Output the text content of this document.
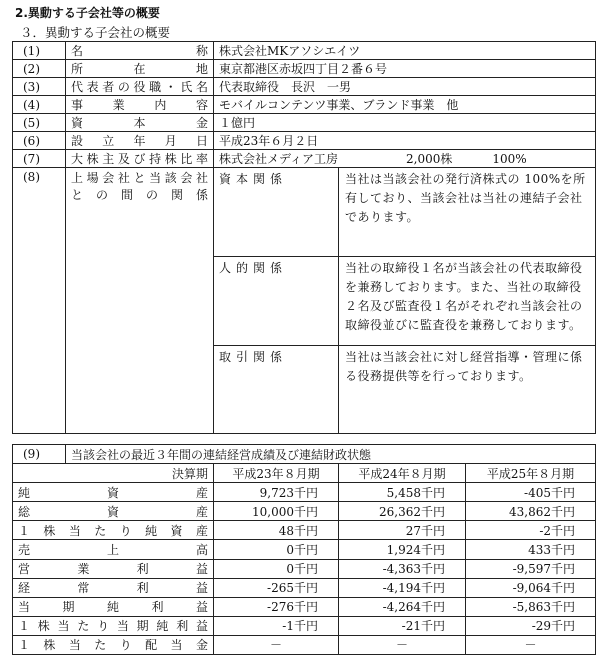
2.異動する子会社等の概要
３．異動する子会社の概要
(1)	名称	株式会社MKアソシエイツ	
(2)	所在地	東京都港区赤坂四丁目２番６号	
(3)	代表者の役職・氏名	代表取締役　長沢　一男	
(4)	事業内容	モバイルコンテンツ事業、ブランド事業　他	
(5)	資本金	１億円	
(6)	設立年月日	平成23年６月２日	
(7)	大株主及び持株比率	株式会社メディア工房 2,000株 100%	
(8)	上場会社と当該会社
との間の関係	資本関係	当社は当該会社の発行済株式の 100%を所有しており、当該会社は当社の連結子会社であります。
		人的関係	当社の取締役１名が当該会社の代表取締役を兼務しております。また、当社の取締役２名及び監査役１名がそれぞれ当該会社の取締役並びに監査役を兼務しております。
		取引関係	当社は当該会社に対し経営指導・管理に係る役務提供等を行っております。
(9)	当該会社の最近３年間の連結経営成績及び連結財政状態			
決算期		平成23年８月期	平成24年８月期	平成25年８月期
純資産		9,723千円	5,458千円	-405千円
総資産		10,000千円	26,362千円	43,862千円
１株当たり純資産		48千円	27千円	-2千円
売上高		0千円	1,924千円	433千円
営業利益		0千円	-4,363千円	-9,597千円
経常利益		-265千円	-4,194千円	-9,064千円
当期純利益		-276千円	-4,264千円	-5,863千円
１株当たり当期純利益		-1千円	-21千円	-29千円
１株当たり配当金		－	－	－
